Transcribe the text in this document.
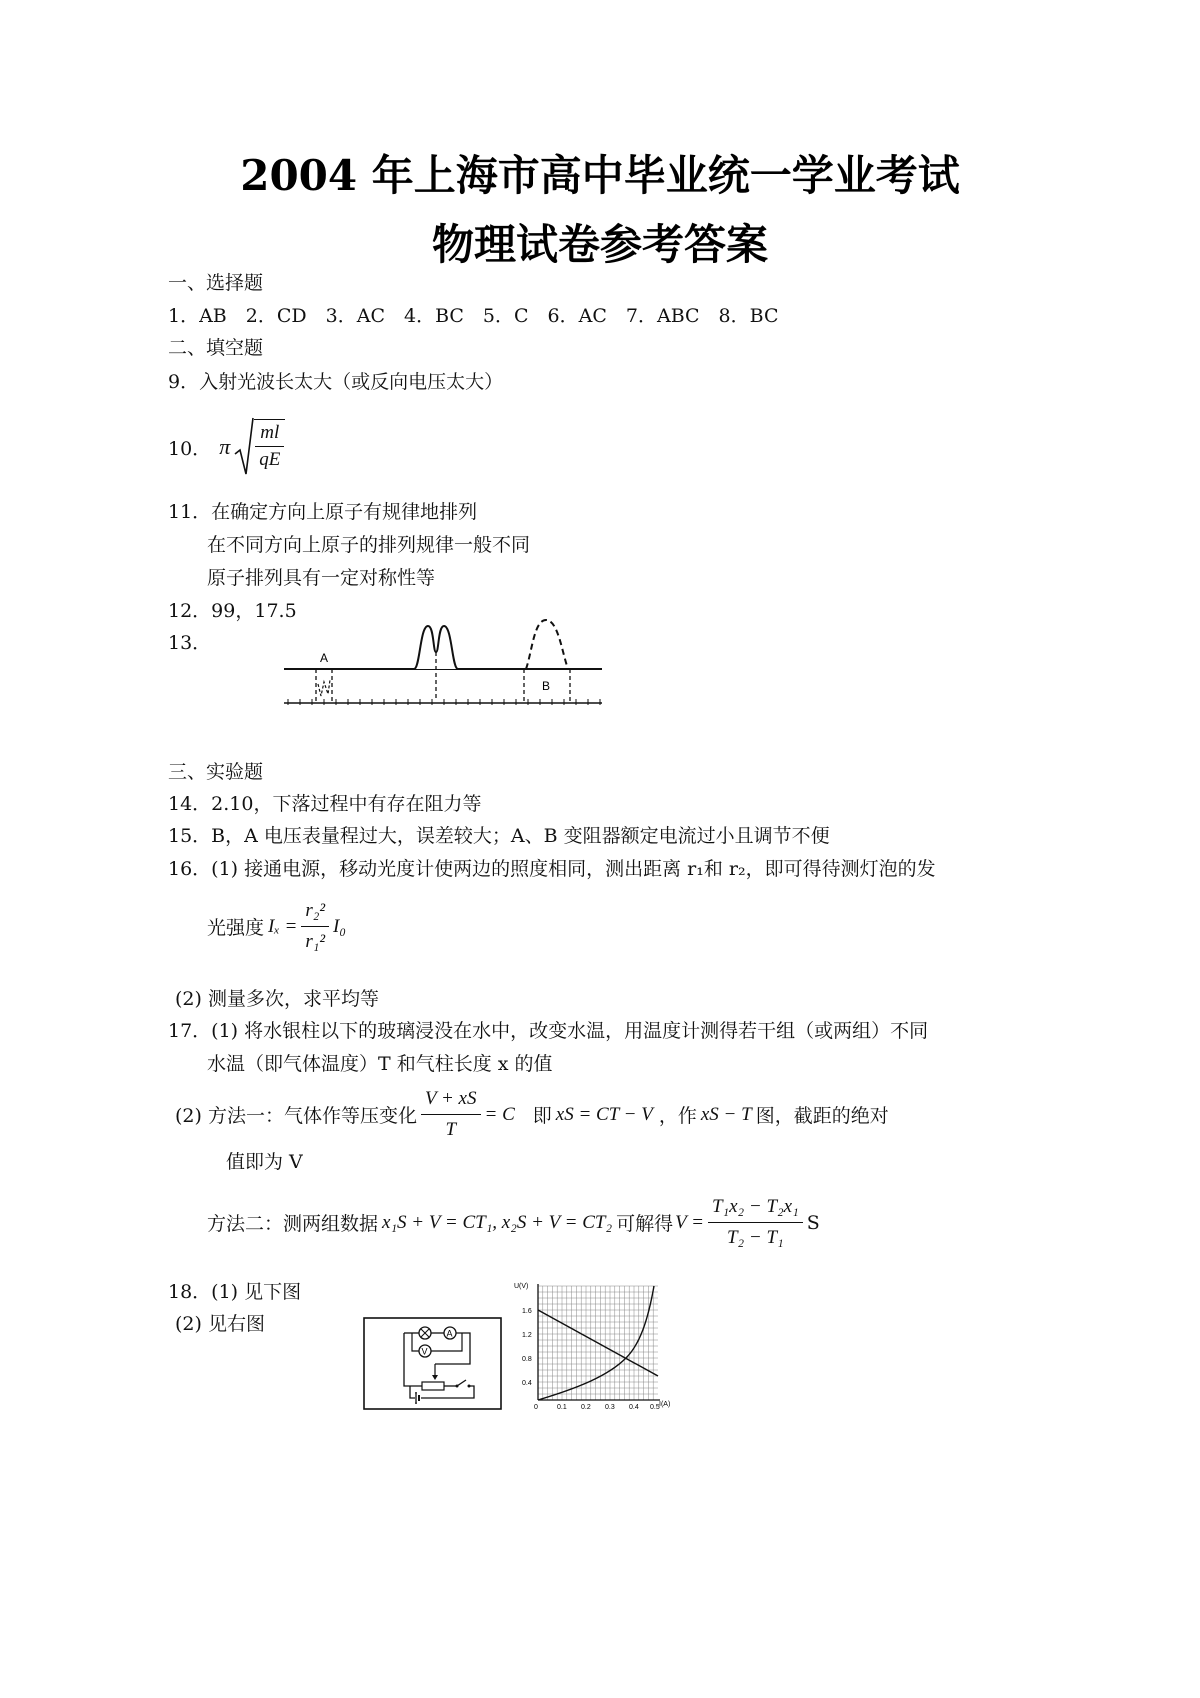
2004 年上海市高中毕业统一学业考试
物理试卷参考答案
一、选择题
1．AB　2．CD　3．AC　4．BC　5．C　6．AC　7．ABC　8．BC
二、填空题
9．入射光波长太大（或反向电压太大）
10． π $\frac{ml}{qE}$
11．在确定方向上原子有规律地排列
在不同方向上原子的排列规律一般不同
原子排列具有一定对称性等
12．99，17.5
13．
A
B
三、实验题
14．2.10，下落过程中有存在阻力等
15．B，A 电压表量程过大，误差较大；A、B 变阻器额定电流过小且调节不便
16．(1) 接通电源，移动光度计使两边的照度相同，测出距离 r₁和 r₂，即可得待测灯泡的发
光强度 $I_x = \frac{\text{r₂²}}{\text{r₁²}} I_0$
(2) 测量多次，求平均等
17．(1) 将水银柱以下的玻璃浸没在水中，改变水温，用温度计测得若干组（或两组）不同
水温（即气体温度）T 和气柱长度 x 的值
(2) 方法一：气体作等压变化 $\frac{V + xS}{T} = C$ 即 xS = CT − V ，作 xS − T 图，截距的绝对
值即为 V
方法二：测两组数据 x₁S + V = CT₁, x₂S + V = CT₂ 可解得 $V = \frac{\text{T₁x₂ − T₂x₁}}{\text{T₂ − T₁}}$ S
18．(1) 见下图
(2) 见右图	A
V
U(V)
I(A)
1.6
1.2
0.8
0.4
0	0.1 0.2 0.3 0.4 0.5
